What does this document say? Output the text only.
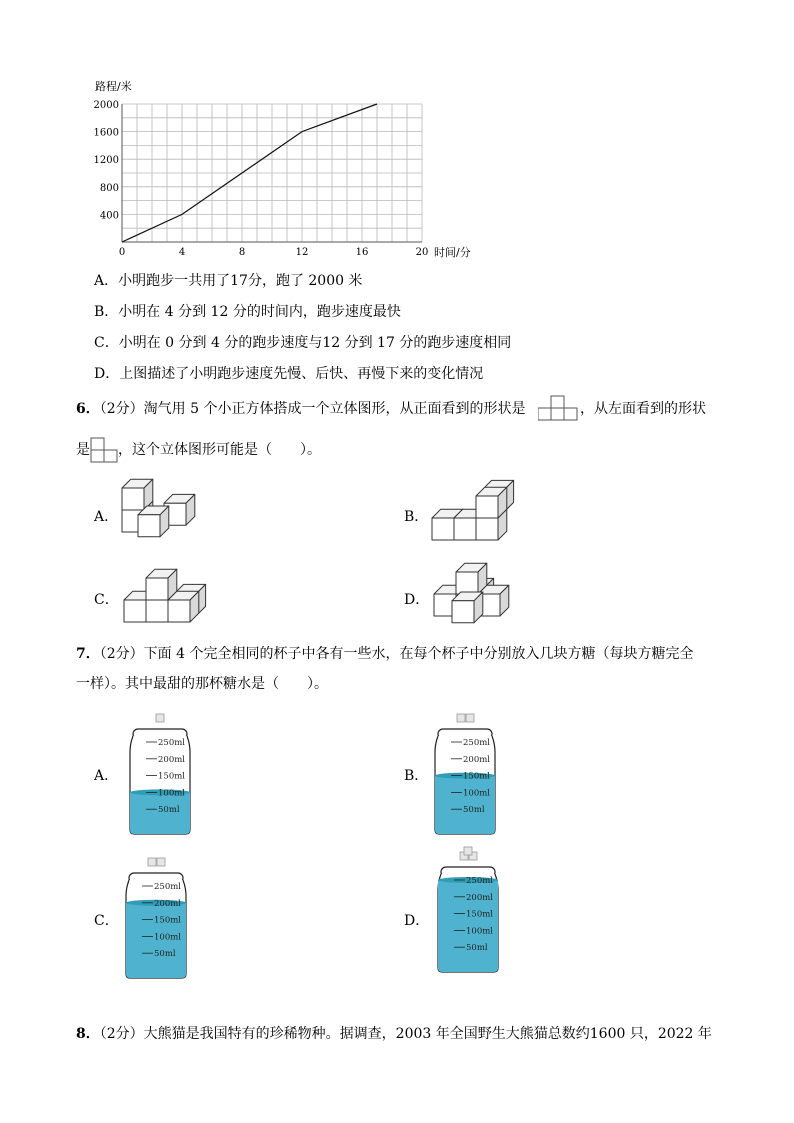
0	4	8	12	16	20
400
800
1200
1600
2000
路程/米
时间/分
A．小明跑步一共用了17分，跑了 2000 米
B．小明在 4 分到 12 分的时间内，跑步速度最快
C．小明在 0 分到 4 分的跑步速度与12 分到 17 分的跑步速度相同
D．上图描述了小明跑步速度先慢、后快、再慢下来的变化情况
6．（2分）淘气用 5 个小正方体搭成一个立体图形，从正面看到的形状是	，从左面看到的形状
是 ，这个立体图形可能是（　　）。
A．	B．
C．	D．
7．（2分）下面 4 个完全相同的杯子中各有一些水，在每个杯子中分别放入几块方糖（每块方糖完全
一样）。其中最甜的那杯糖水是（　　）。
A．
250ml
200ml
150ml
100ml
50ml
B．
250ml
200ml
150ml
100ml
50ml
C．
250ml
200ml
150ml
100ml
50ml
D．
250ml
200ml
150ml
100ml
50ml
8．（2分）大熊猫是我国特有的珍稀物种。据调查，2003 年全国野生大熊猫总数约1600 只，2022 年
